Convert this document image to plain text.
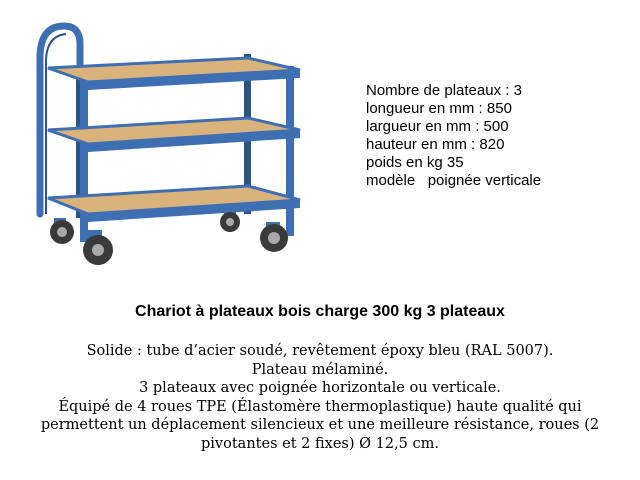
Nombre de plateaux : 3
longueur en mm : 850
largueur en mm : 500
hauteur en mm : 820
poids en kg 35
modèle   poignée verticale
Chariot à plateaux bois charge 300 kg 3 plateaux
Solide : tube d’acier soudé, revêtement époxy bleu (RAL 5007).
Plateau mélaminé.
3 plateaux avec poignée horizontale ou verticale.
Équipé de 4 roues TPE (Élastomère thermoplastique) haute qualité qui
permettent un déplacement silencieux et une meilleure résistance, roues (2
pivotantes et 2 fixes) Ø 12,5 cm.
